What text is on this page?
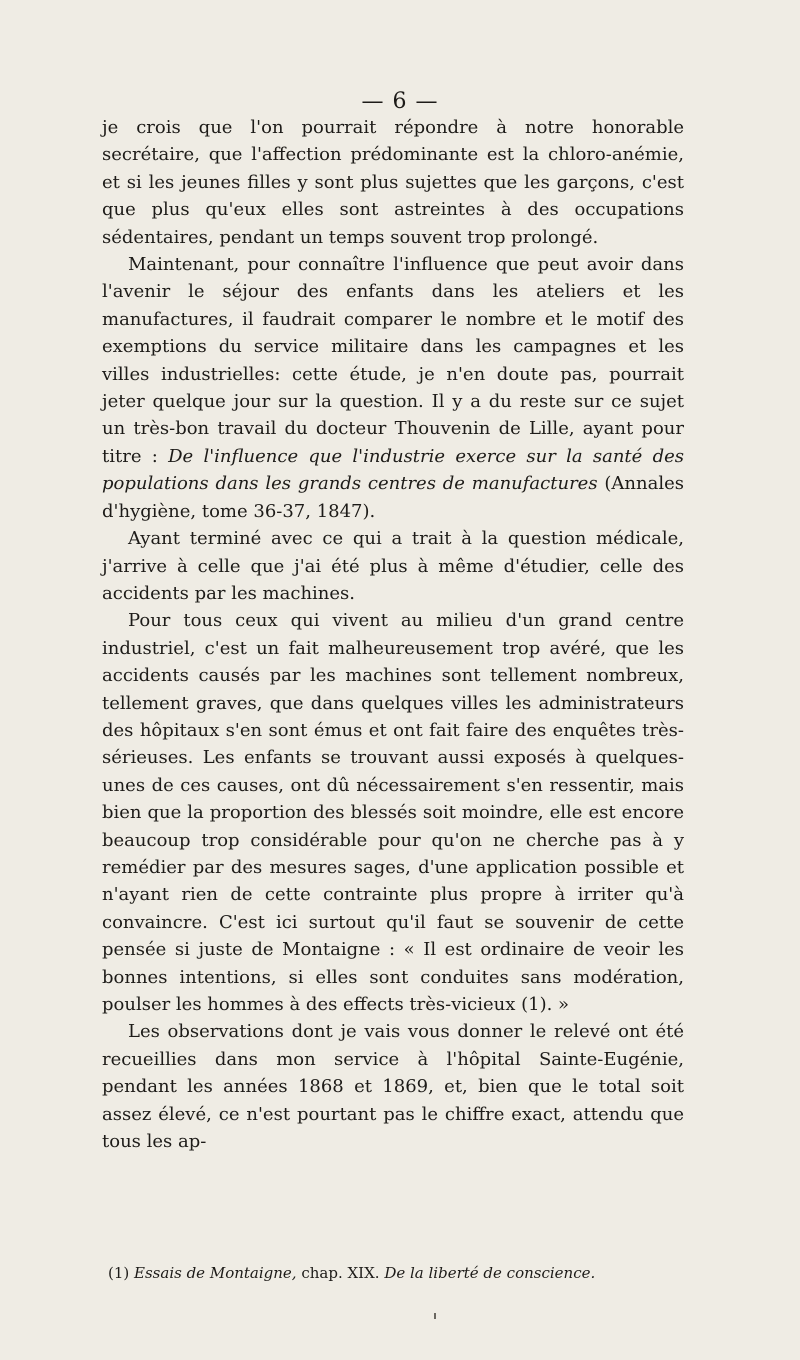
— 6 —

je crois que l'on pourrait répondre à notre honorable secrétaire, que l'affection prédominante est la chloro-anémie, et si les jeunes filles y sont plus sujettes que les garçons, c'est que plus qu'eux elles sont astreintes à des occupations sédentaires, pendant un temps souvent trop prolongé.

Maintenant, pour connaître l'influence que peut avoir dans l'avenir le séjour des enfants dans les ateliers et les manufactures, il faudrait comparer le nombre et le motif des exemptions du service militaire dans les campagnes et les villes industrielles: cette étude, je n'en doute pas, pourrait jeter quelque jour sur la question. Il y a du reste sur ce sujet un très-bon travail du docteur Thouvenin de Lille, ayant pour titre : De l'influence que l'industrie exerce sur la santé des populations dans les grands centres de manufactures (Annales d'hygiène, tome 36-37, 1847).

Ayant terminé avec ce qui a trait à la question médicale, j'arrive à celle que j'ai été plus à même d'étudier, celle des accidents par les machines.

Pour tous ceux qui vivent au milieu d'un grand centre industriel, c'est un fait malheureusement trop avéré, que les accidents causés par les machines sont tellement nombreux, tellement graves, que dans quelques villes les administrateurs des hôpitaux s'en sont émus et ont fait faire des enquêtes très-sérieuses. Les enfants se trouvant aussi exposés à quelques-unes de ces causes, ont dû nécessairement s'en ressentir, mais bien que la proportion des blessés soit moindre, elle est encore beaucoup trop considérable pour qu'on ne cherche pas à y remédier par des mesures sages, d'une application possible et n'ayant rien de cette contrainte plus propre à irriter qu'à convaincre. C'est ici surtout qu'il faut se souvenir de cette pensée si juste de Montaigne : « Il est ordinaire de veoir les bonnes intentions, si elles sont conduites sans modération, poulser les hommes à des effects très-vicieux (1). »

Les observations dont je vais vous donner le relevé ont été recueillies dans mon service à l'hôpital Sainte-Eugénie, pendant les années 1868 et 1869, et, bien que le total soit assez élevé, ce n'est pourtant pas le chiffre exact, attendu que tous les ap-

(1) Essais de Montaigne, chap. XIX. De la liberté de conscience.
